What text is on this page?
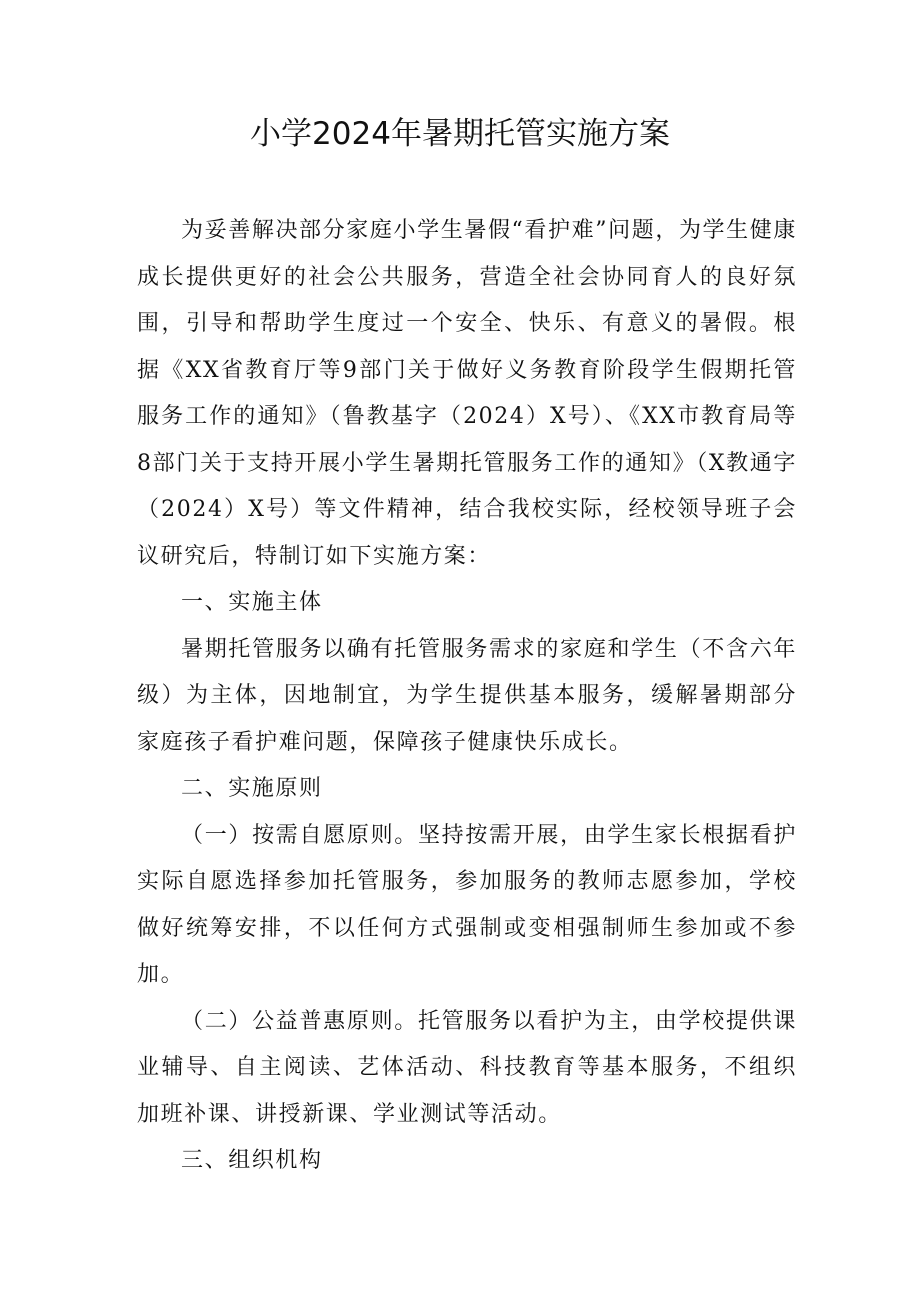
小学2024年暑期托管实施方案

为妥善解决部分家庭小学生暑假“看护难”问题，为学生健康成长提供更好的社会公共服务，营造全社会协同育人的良好氛围，引导和帮助学生度过一个安全、快乐、有意义的暑假。根据《XX省教育厅等9部门关于做好义务教育阶段学生假期托管服务工作的通知》（鲁教基字（2024）X号）、《XX市教育局等8部门关于支持开展小学生暑期托管服务工作的通知》（X教通字（2024）X号）等文件精神，结合我校实际，经校领导班子会议研究后，特制订如下实施方案：

一、实施主体

暑期托管服务以确有托管服务需求的家庭和学生（不含六年级）为主体，因地制宜，为学生提供基本服务，缓解暑期部分家庭孩子看护难问题，保障孩子健康快乐成长。

二、实施原则

（一）按需自愿原则。坚持按需开展，由学生家长根据看护实际自愿选择参加托管服务，参加服务的教师志愿参加，学校做好统筹安排，不以任何方式强制或变相强制师生参加或不参加。

（二）公益普惠原则。托管服务以看护为主，由学校提供课业辅导、自主阅读、艺体活动、科技教育等基本服务，不组织加班补课、讲授新课、学业测试等活动。

三、组织机构
